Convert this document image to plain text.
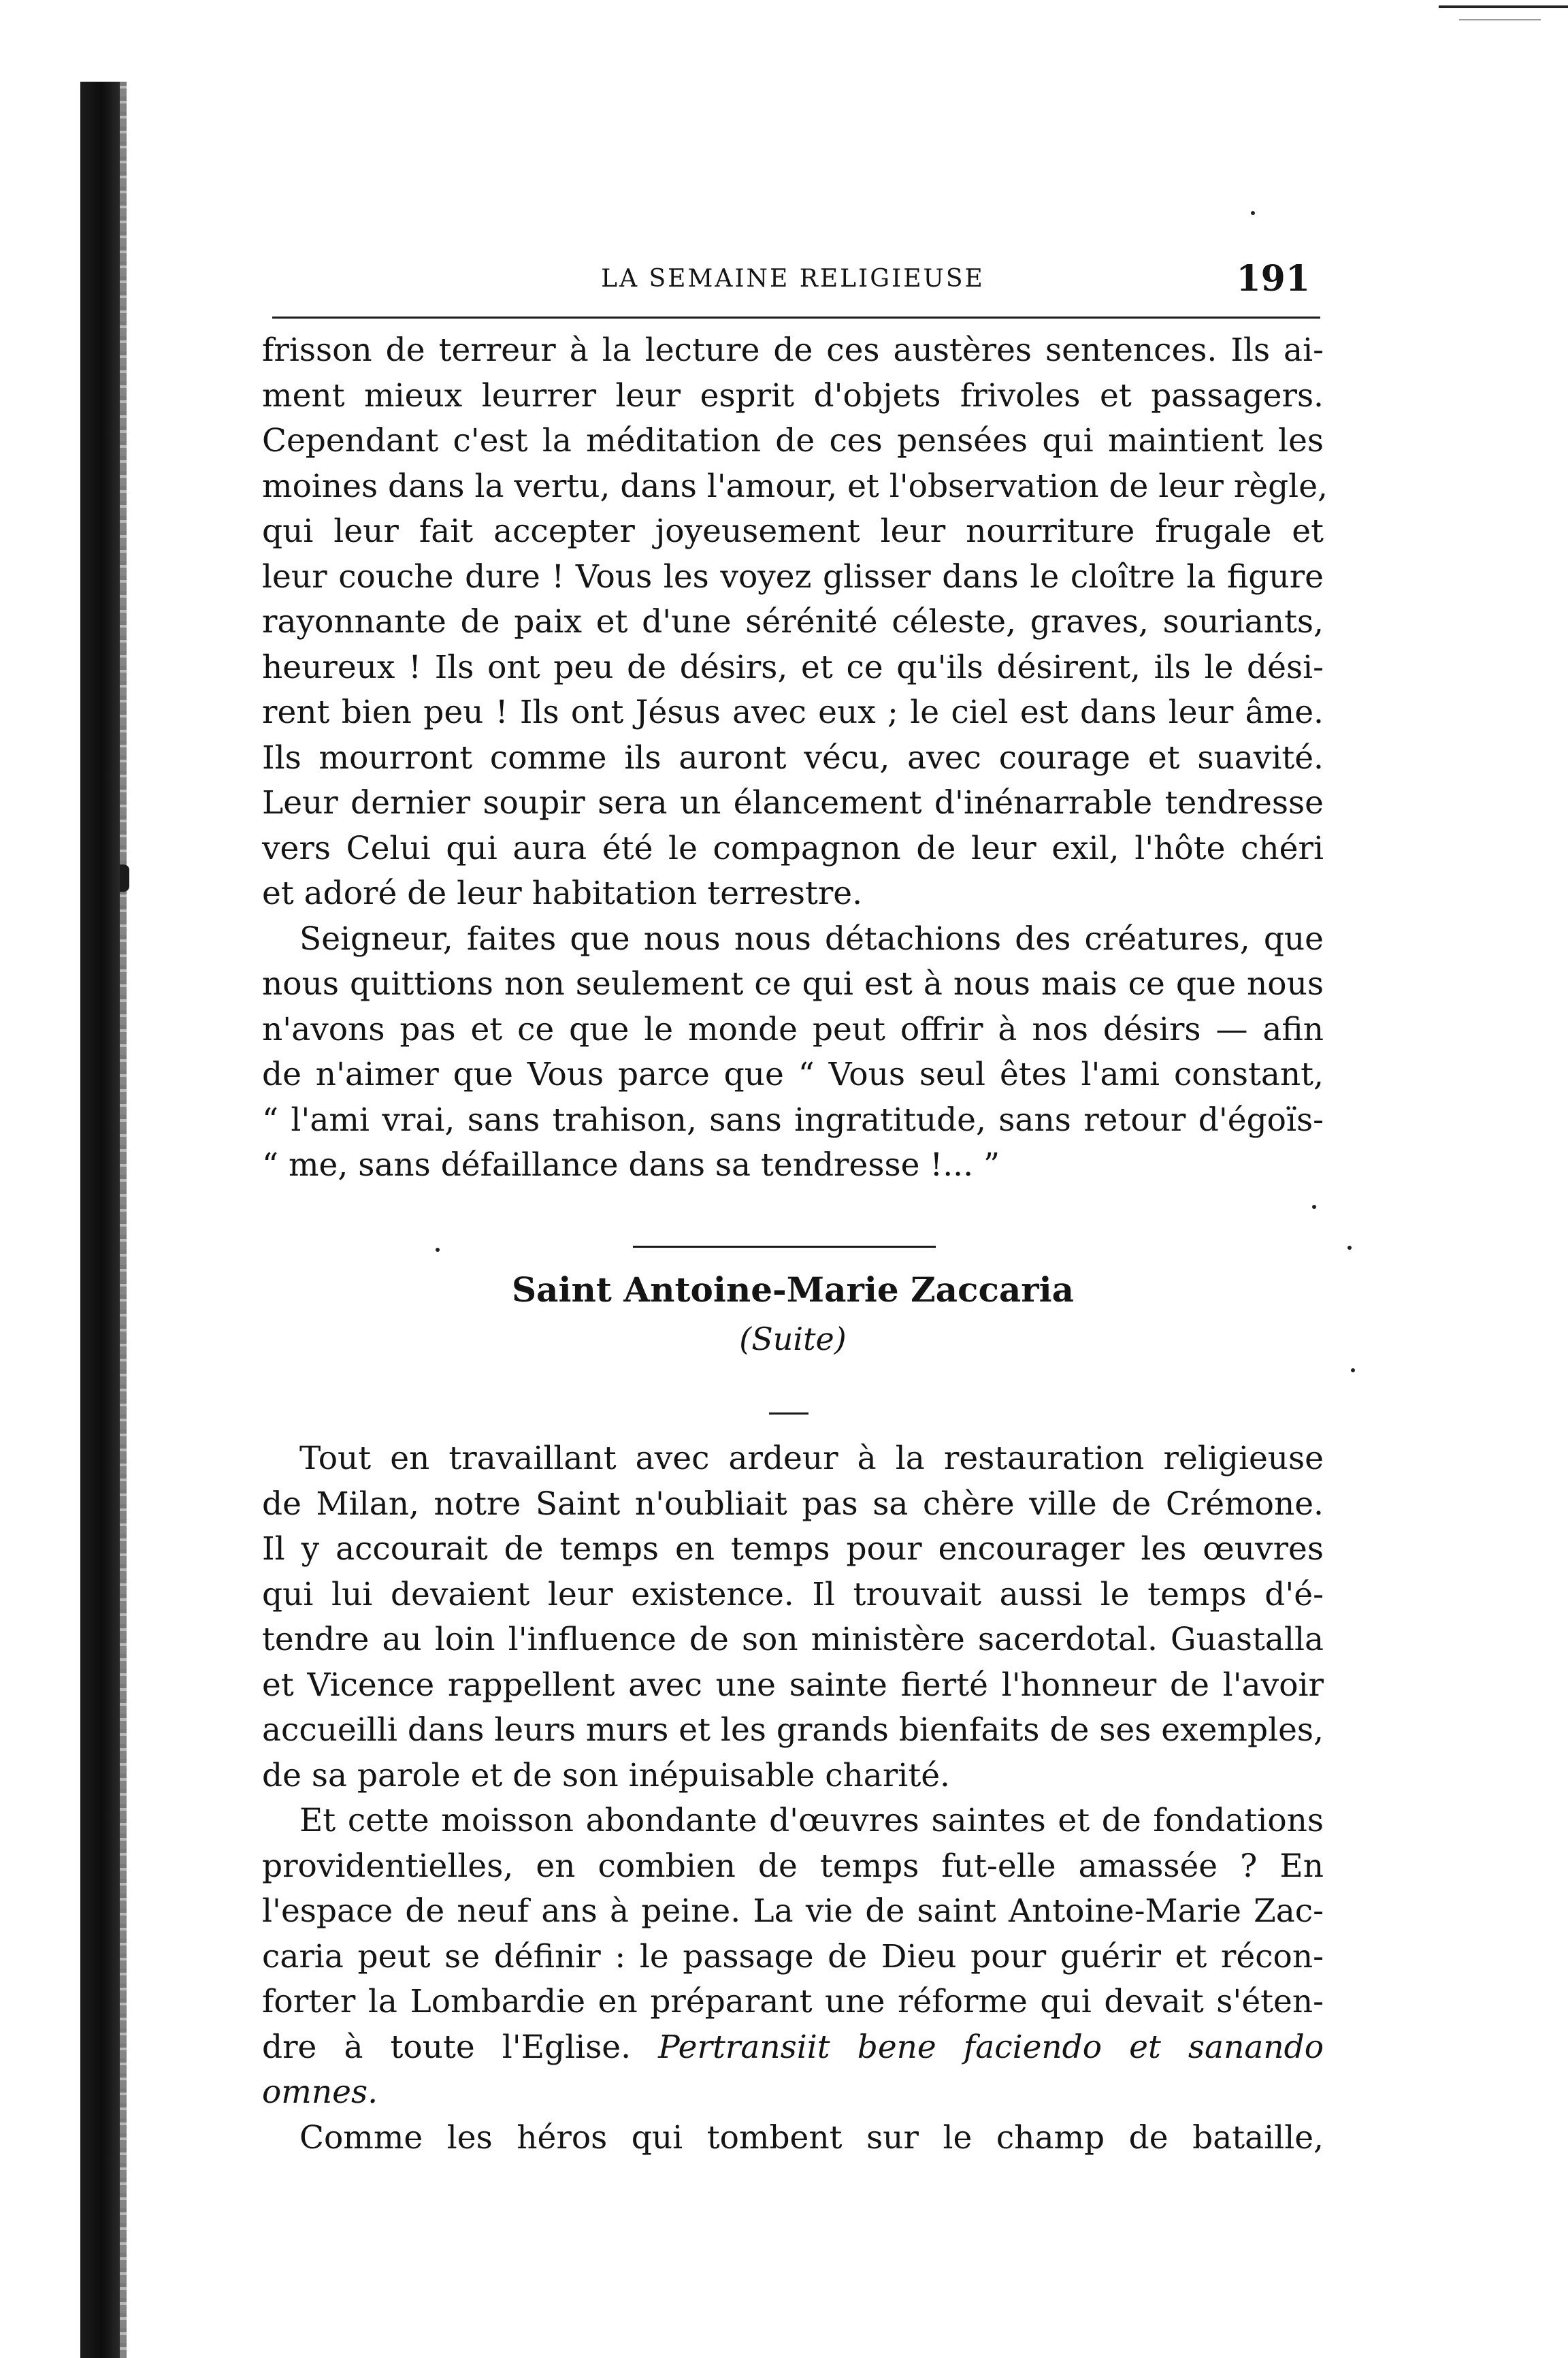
LA SEMAINE RELIGIEUSE	191

frisson de terreur à la lecture de ces austères sentences. Ils ai-
ment mieux leurrer leur esprit d'objets frivoles et passagers.
Cependant c'est la méditation de ces pensées qui maintient les
moines dans la vertu, dans l'amour, et l'observation de leur règle,
qui leur fait accepter joyeusement leur nourriture frugale et
leur couche dure ! Vous les voyez glisser dans le cloître la figure
rayonnante de paix et d'une sérénité céleste, graves, souriants,
heureux ! Ils ont peu de désirs, et ce qu'ils désirent, ils le dési-
rent bien peu ! Ils ont Jésus avec eux ; le ciel est dans leur âme.
Ils mourront comme ils auront vécu, avec courage et suavité.
Leur dernier soupir sera un élancement d'inénarrable tendresse
vers Celui qui aura été le compagnon de leur exil, l'hôte chéri
et adoré de leur habitation terrestre.

Seigneur, faites que nous nous détachions des créatures, que
nous quittions non seulement ce qui est à nous mais ce que nous
n'avons pas et ce que le monde peut offrir à nos désirs — afin
de n'aimer que Vous parce que “ Vous seul êtes l'ami constant,
“ l'ami vrai, sans trahison, sans ingratitude, sans retour d'égoïs-
“ me, sans défaillance dans sa tendresse !... ”

Saint Antoine-Marie Zaccaria
(Suite)

Tout en travaillant avec ardeur à la restauration religieuse
de Milan, notre Saint n'oubliait pas sa chère ville de Crémone.
Il y accourait de temps en temps pour encourager les œuvres
qui lui devaient leur existence. Il trouvait aussi le temps d'é-
tendre au loin l'influence de son ministère sacerdotal. Guastalla
et Vicence rappellent avec une sainte fierté l'honneur de l'avoir
accueilli dans leurs murs et les grands bienfaits de ses exemples,
de sa parole et de son inépuisable charité.

Et cette moisson abondante d'œuvres saintes et de fondations
providentielles, en combien de temps fut-elle amassée ? En
l'espace de neuf ans à peine. La vie de saint Antoine-Marie Zac-
caria peut se définir : le passage de Dieu pour guérir et récon-
forter la Lombardie en préparant une réforme qui devait s'éten-
dre à toute l'Eglise. Pertransiit bene faciendo et sanando
omnes.

Comme les héros qui tombent sur le champ de bataille,
